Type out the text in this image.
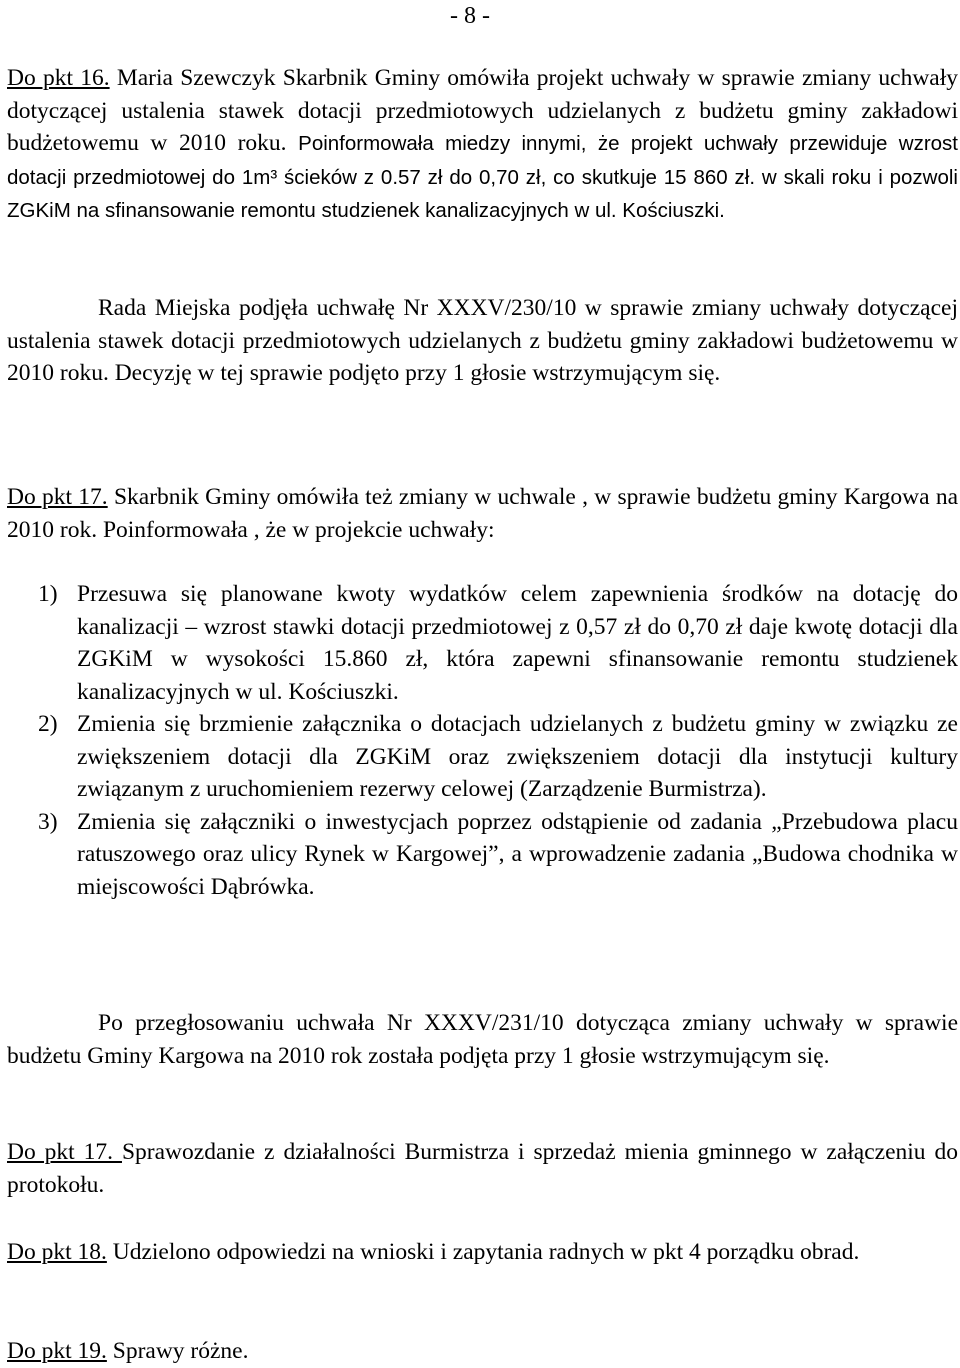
- 8 -

Do pkt 16. Maria Szewczyk Skarbnik Gminy omówiła projekt uchwały w sprawie zmiany uchwały dotyczącej ustalenia stawek dotacji przedmiotowych udzielanych z budżetu gminy zakładowi budżetowemu w 2010 roku. Poinformowała miedzy innymi, że projekt uchwały przewiduje wzrost dotacji przedmiotowej do 1m³ ścieków z 0.57 zł do 0,70 zł, co skutkuje 15 860 zł. w skali roku i pozwoli ZGKiM na sfinansowanie remontu studzienek kanalizacyjnych w ul. Kościuszki.

Rada Miejska podjęła uchwałę Nr XXXV/230/10 w sprawie zmiany uchwały dotyczącej ustalenia stawek dotacji przedmiotowych udzielanych z budżetu gminy zakładowi budżetowemu w 2010 roku. Decyzję w tej sprawie podjęto przy 1 głosie wstrzymującym się.

Do pkt 17. Skarbnik Gminy omówiła też zmiany w uchwale , w sprawie budżetu gminy Kargowa na 2010 rok. Poinformowała , że w projekcie uchwały:

1) Przesuwa się planowane kwoty wydatków celem zapewnienia środków na dotację do kanalizacji – wzrost stawki dotacji przedmiotowej z 0,57 zł do 0,70 zł daje kwotę dotacji dla ZGKiM w wysokości 15.860 zł, która zapewni sfinansowanie remontu studzienek kanalizacyjnych w ul. Kościuszki.
2) Zmienia się brzmienie załącznika o dotacjach udzielanych z budżetu gminy w związku ze zwiększeniem dotacji dla ZGKiM oraz zwiększeniem dotacji dla instytucji kultury związanym z uruchomieniem rezerwy celowej (Zarządzenie Burmistrza).
3) Zmienia się załączniki o inwestycjach poprzez odstąpienie od zadania „Przebudowa placu ratuszowego oraz ulicy Rynek w Kargowej”, a wprowadzenie zadania „Budowa chodnika w miejscowości Dąbrówka.

Po przegłosowaniu uchwała Nr XXXV/231/10 dotycząca zmiany uchwały w sprawie budżetu Gminy Kargowa na 2010 rok została podjęta przy 1 głosie wstrzymującym się.

Do pkt 17. Sprawozdanie z działalności Burmistrza i sprzedaż mienia gminnego w załączeniu do protokołu.

Do pkt 18. Udzielono odpowiedzi na wnioski i zapytania radnych w pkt 4 porządku obrad.

Do pkt 19. Sprawy różne.
